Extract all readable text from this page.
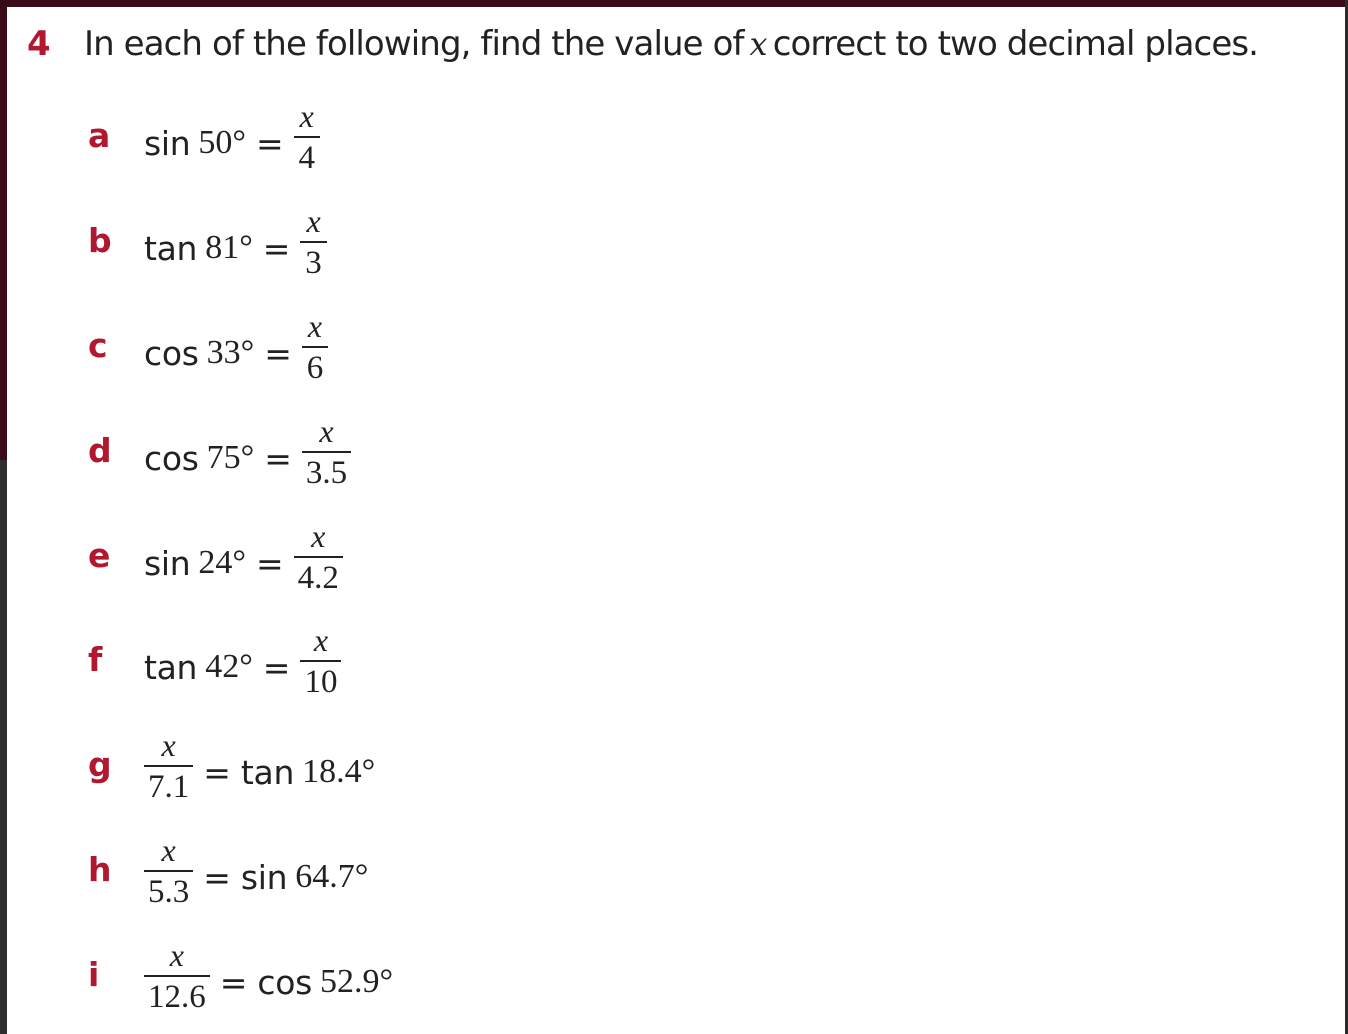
4 In each of the following, find the value of x correct to two decimal places.
a $\sin 50^\circ = \frac{x}{4}$
b $\tan 81^\circ = \frac{x}{3}$
c $\cos 33^\circ = \frac{x}{6}$
d $\cos 75^\circ = \frac{x}{3.5}$
e $\sin 24^\circ = \frac{x}{4.2}$
f $\tan 42^\circ = \frac{x}{10}$
g $\frac{x}{7.1} = \tan 18.4^\circ$
h $\frac{x}{5.3} = \sin 64.7^\circ$
i $\frac{x}{12.6} = \cos 52.9^\circ$
